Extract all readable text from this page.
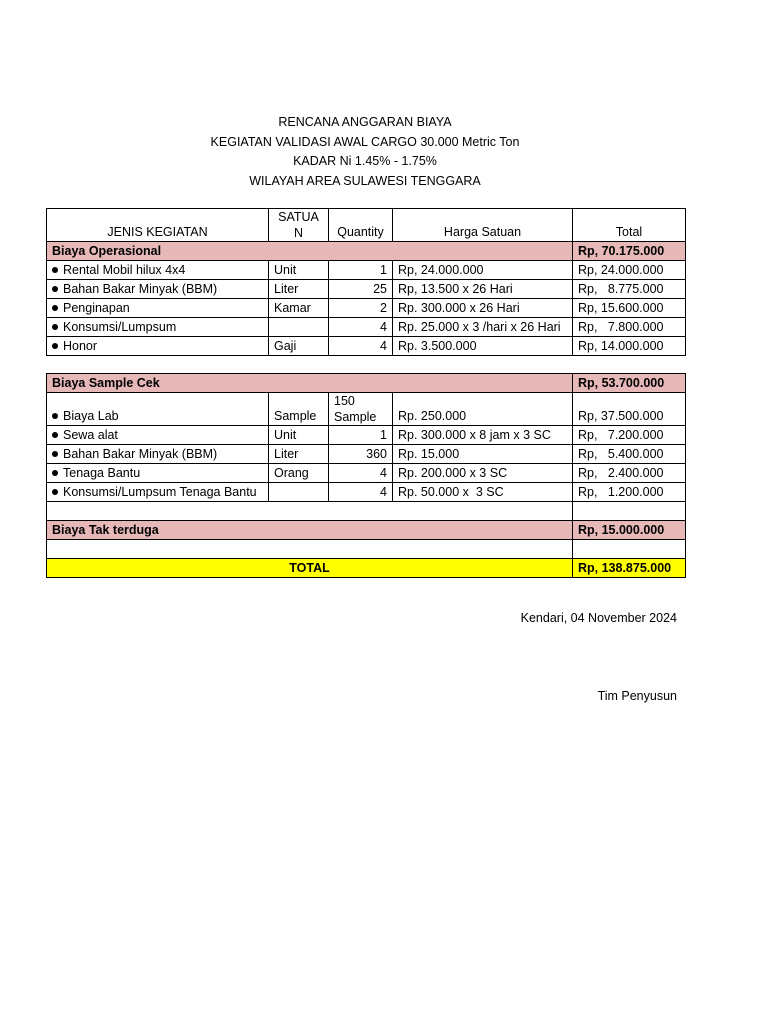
RENCANA ANGGARAN BIAYA
KEGIATAN VALIDASI AWAL CARGO 30.000 Metric Ton
KADAR Ni 1.45% - 1.75%
WILAYAH AREA SULAWESI TENGGARA
JENIS KEGIATAN	SATUA N	Quantity	Harga Satuan	Total
Biaya Operasional				Rp, 70.175.000
Rental Mobil hilux 4x4	Unit	1	Rp, 24.000.000	Rp, 24.000.000
Bahan Bakar Minyak (BBM)	Liter	25	Rp, 13.500 x 26 Hari	Rp,   8.775.000
Penginapan	Kamar	2	Rp. 300.000 x 26 Hari	Rp, 15.600.000
Konsumsi/Lumpsum		4	Rp. 25.000 x 3 /hari x 26 Hari	Rp,   7.800.000
Honor	Gaji	4	Rp. 3.500.000	Rp, 14.000.000

Biaya Sample Cek				Rp, 53.700.000
Biaya Lab	Sample	150 Sample	Rp. 250.000	Rp, 37.500.000
Sewa alat	Unit	1	Rp. 300.000 x 8 jam x 3 SC	Rp,   7.200.000
Bahan Bakar Minyak (BBM)	Liter	360	Rp. 15.000	Rp,   5.400.000
Tenaga Bantu	Orang	4	Rp. 200.000 x 3 SC	Rp,   2.400.000
Konsumsi/Lumpsum Tenaga Bantu		4	Rp. 50.000 x  3 SC	Rp,   1.200.000

Biaya Tak terduga				Rp, 15.000.000

TOTAL				Rp, 138.875.000
Kendari, 04 November 2024
Tim Penyusun
